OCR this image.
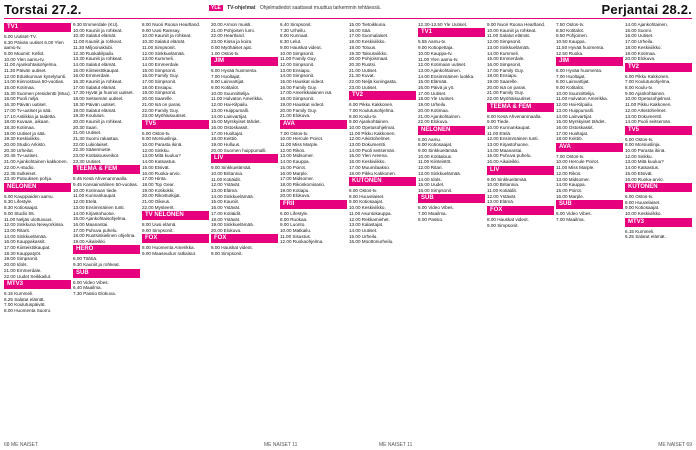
Torstai 27.2.	YLE TV-ohjelmat Ohjelmatiedot saattavat muuttua tarkemmin tehtäessä.	Perjantai 28.2.
TV1
5.00 Uutiset-TV.
6.30 Päivän uutiset 6.00 Ylen aamu-tv.
9.00 Muumit: Kellot.
10.00 Ylen aamu-tv.
11.00 Ajankohtaisohjelma.
11.30 Päivän uutiset.
12.00 Eduskunnan kyselytunti.
14.00 Kiinnostava 50-vuotias.
15.00 Kotimaa.
15.30 Suomen presidentti (Muu).
16.00 Puoli neljä.
16.30 Päivän uutiset.
17.00 Tv-uutiset ja sää.
17.10 Antiikkia ja taidetta.
18.00 Kuvaan, aikaan.
18.30 Kotimaa.
19.00 Uutiset ja sää.
19.30 Keskiviikko.
20.00 Studio Arkisto.
20.30 Urheilut.
20.45 Tv-uutiset.
21.00 Ajankohtainen kakkonen.
22.00 A-studio.
22.35 Sulkeiset.
23.40 Putouksen pohja.
NELONEN
6.00 Kauppiaiden aamu.
6.30 Lifestyle.
8.30 Kotiosaajat.
9.00 Studio 55.
11.00 Neljäs ulottuvuus.
12.00 Sinkkuna Newyorkissa.
13.00 Ritarit.
14.00 Sinkkuelämää.
16.00 Kauppakassit.
17.00 Kiinteistökaupat.
18.30 Kauppatyöt.
19.00 Simpsonit.
20.00 Idols.
21.00 Emmerdale.
22.00 Uudet Seikkailut.
MTV3
6.15 Kummeli.
6.25 Salatut elämät.
7.00 Koulutuspäivät.
8.00 Huomenta Suomi.
9.30 Emmerdale (KU).
10.00 Kauniit ja rohkeat.
10.30 Salatut elämät.
11.00 Kauniit ja rohkeat.
11.30 Miljoonaklubi.
12.30 Ruokakilpailu.
13.30 Kauniit ja rohkeat.
14.00 Salatut elämät.
15.00 Kiinteistökaupat.
16.00 Emmerdale.
16.30 Kauniit ja rohkeat.
17.00 Salatut elämät.
17.30 Hyvät ja huonot uutiset.
18.00 Seitsemän uutiset.
18.30 Päivän uutiset.
19.00 Salatut elämät.
19.30 Koulutus.
20.00 Kauniit ja rohkeat.
20.30 Saari.
21.00 Uutiset.
21.30 Suomi rakastaa.
22.00 Lukiolaiset.
22.30 Sääennuste.
23.00 Kotitalousveikot.
23.30 Uutiset.
TEEMA & FEM
8.45 Kesä Ahvenanmaalla.
9.45 Kansainvälinen 50-vuotias.
10.00 Kotimaan tiede.
11.00 Kunnankaupat.
12.00 Etelä.
13.00 Ensimmäinen tunti.
14.00 Kirjastohuone.
15.00 Ajankohtaisohjelma.
16.00 Maanantai.
17.00 Puhuva puhelu.
18.00 Ruotsinkielinen ohjelma.
19.00 Aikaleikki.
HERO
6.00 Tähtiä.
9.30 Kauniit ja rohkeat.
SUB
6.00 Video Vibes.
6.40 Maailma.
7.30 Passio Elokuva.
8.00 Nuori Roosa Heartland.
9.00 Uusi Ramsay.
10.00 Kauniit ja rohkeat.
10.30 Salatut elämät.
11.00 Simpsonit.
12.00 Sinkkuelämää.
13.00 Kummeli.
14.00 Emmerdale.
15.00 Simpsonit.
16.00 Family Guy.
17.00 Simpsonit.
18.00 Ensiapu.
19.00 Simpsonit.
20.00 Saarelle.
21.00 Isä on paras.
22.00 Family Guy.
23.00 Myöhäisuutiset.
TV5
6.00 Ostos-tv.
8.00 Morsiuslinja.
10.00 Parasta ikinä.
12.00 Sinkku.
13.00 Mitä kuuluu?
14.00 Katsastus.
15.00 Etsivät.
16.00 Ruoka-arvio.
17.00 Hinta.
18.00 Top Gear.
19.00 Kotikokki.
20.00 Rikostutkijat.
21.00 Oikeus.
22.00 Mysteerit.
TV NELONEN
8.00 Uusi elämä.
9.00 Simpsonit.
FOX
8.00 Huomenta Amerikka.
9.00 Maaseudun ratkaisut.
20.00 Armon muisti.
21.00 Pohjoisen lumi.
22.00 Heartland.
23.00 Kissa ja koira.
0.00 Myöhäiset ajat.
1.00 Ostos-tv.
JIM
6.00 Hyvää huomenta.
7.00 Huoltajat.
8.00 Lainvartijat.
9.00 Kotitalot.
10.00 Suunnittelija.
11.00 Hulvaton Amerikka.
12.00 Hai-Kilpailu.
13.00 Huippumalli.
14.00 Lainvartijat.
15.00 Myrskyiset tähdet.
16.00 Ostoskassit.
17.00 Huoltajat.
18.00 Keittiö.
19.00 Hulluus.
20.00 Suomen huippumalli.
LIV
9.00 Sinkkuelämää.
10.00 Britannia.
11.00 Kotiäidit.
12.00 Ystävät.
13.00 Elämä.
14.00 Sinkkuelämää.
15.00 Kauniit.
16.00 Ystävät.
17.00 Kotiäidit.
18.00 Ystävät.
19.00 Sinkkuelämää.
20.00 Elokuva.
FOX
8.00 Hauskat videot.
9.00 Simpsonit.
6.40 Simpsonit.
7.30 Urheilu.
8.00 Kunnaat.
8.30 Lelut.
9.00 Hauskat videot.
10.00 Simpsonit.
11.00 Family Guy.
12.00 Simpsonit.
13.00 Ensiapu.
14.00 Simpsonit.
15.00 Hauskat videot.
16.00 Family Guy.
17.00 Amerikkalainen isä.
18.00 Simpsonit.
19.00 Hauskat videot.
20.00 Family Guy.
21.00 Elokuva.
AVA
7.00 Ostos-tv.
10.00 Hercule Poirot.
11.00 Miss Marple.
12.00 Rikos.
13.00 Midsomer.
14.00 Kauppa.
15.00 Poirot.
16.00 Marple.
17.00 Midsomer.
18.00 Rikoskomisario.
19.00 Kotiapu.
20.00 Elokuva.
FRII
6.00 Lifestyle.
8.00 Ruokaa.
9.00 Luonto.
10.00 Matkailu.
11.00 Sisustus.
12.00 Ruokaohjelma.
15.00 Tietoikkuna.
16.00 Sää.
17.00 Suomalaiset.
18.00 Keskiviikko.
19.00 Totuus.
19.30 Talousviikko.
20.00 Pohjoismaat.
20.30 Ruotsi.
21.00 Uutiset.
21.30 Kuvat.
22.00 Neljä kuningasta.
23.00 Uutiset.
TV2
6.00 Pikku Kakkonen.
7.00 Koulutusohjelma.
8.00 Koulu-tv.
9.00 Ajankohtainen.
10.00 Opetusohjelmat.
11.00 Pikku Kakkonen.
12.00 Arkistohelmet.
13.00 Dokumentti.
14.00 Puoli seitsemän.
15.00 Ylen Areena.
16.00 Keskiviikko.
17.00 Muumilaakso.
18.00 Pikku Kakkonen.
KUTONEN
6.00 Ostos-tv.
8.00 Huuvelaiset.
9.00 Kotiosaajat.
10.00 Keskiviikko.
11.00 Asuntokauppa.
12.00 Rekkamiehet.
13.00 Kalastajat.
14.00 Uutiset.
15.00 Urheilu.
16.00 Moottoriurheilu.
12.30-12.50 Yle Uutiset.
TV1
5.55 Aamu-tv.
9.00 Kotiopettaja.
10.00 Kauppa-tv.
11.00 Ylen aamu-tv.
12.00 Kotimaan uutiset.
13.00 Ajankohtainen.
14.00 Ensimmäinen luokka.
15.00 Elämää.
16.00 Päivä ja yö.
17.00 Uutiset.
18.00 Yle Uutiset.
19.00 Urheilu.
20.00 Kotimaa.
21.00 Ajankohtainen.
22.00 Elokuva.
NELONEN
6.00 Aamu.
8.00 Kotiosaajat.
9.00 Sinkkuelämää.
10.00 Kotitalous.
11.00 Kiinteistöt.
12.00 Ritari.
13.00 Sinkkuelämää.
14.00 Idols.
15.00 Uudet.
16.00 Simpsonit.
SUB
6.00 Video Vibes.
7.00 Maailma.
8.00 Passio.
9.00 Nuori Roosa Heartland.
10.00 Kauniit ja rohkeat.
11.00 Salatut elämät.
12.00 Simpsonit.
13.00 Sinkkuelämää.
14.00 Kummeli.
15.00 Emmerdale.
16.00 Simpsonit.
17.00 Family Guy.
18.00 Ensiapu.
19.00 Saarelle.
20.00 Isä on paras.
21.00 Family Guy.
22.00 Myöhäisuutiset.
TEEMA & FEM
8.00 Kesä Ahvenanmaalla.
9.00 Tiede.
10.00 Kunnankaupat.
11.00 Etelä.
12.00 Ensimmäinen tunti.
13.00 Kirjastohuone.
14.00 Maanantai.
15.00 Puhuva puhelu.
16.00 Aikaleikki.
LIV
9.00 Sinkkuelämää.
10.00 Britannia.
11.00 Kotiäidit.
12.00 Ystävät.
13.00 Elämä.
FOX
8.00 Hauskat videot.
9.00 Simpsonit.
7.50 Ostos-tv.
8.50 Kotitalot.
9.50 Pohjoinen.
10.50 Kauppa.
11.50 Hyvää huomenta.
12.50 Ruoka.
JIM
6.00 Hyvää huomenta.
7.00 Huoltajat.
8.00 Lainvartijat.
9.00 Kotitalot.
10.00 Suunnittelija.
11.00 Hulvaton Amerikka.
12.00 Hai-Kilpailu.
13.00 Huippumalli.
14.00 Lainvartijat.
15.00 Myrskyiset tähdet.
16.00 Ostoskassit.
17.00 Huoltajat.
18.00 Keittiö.
AVA
7.00 Ostos-tv.
10.00 Hercule Poirot.
11.00 Miss Marple.
12.00 Rikos.
13.00 Midsomer.
14.00 Kauppa.
15.00 Poirot.
16.00 Marple.
SUB
6.00 Video Vibes.
7.00 Maailma.
14.00 Ajankohtainen.
15.00 Suomi.
16.00 Uutiset.
17.00 Urheilu.
18.00 Keskiviikko.
19.00 Kotimaa.
20.00 Elokuva.
TV2
6.00 Pikku Kakkonen.
7.00 Koulutusohjelma.
8.00 Koulu-tv.
9.00 Ajankohtainen.
10.00 Opetusohjelmat.
11.00 Pikku Kakkonen.
12.00 Arkistohelmet.
13.00 Dokumentti.
14.00 Puoli seitsemän.
TV5
6.00 Ostos-tv.
8.00 Morsiuslinja.
10.00 Parasta ikinä.
12.00 Sinkku.
13.00 Mitä kuuluu?
14.00 Katsastus.
15.00 Etsivät.
16.00 Ruoka-arvio.
KUTONEN
6.00 Ostos-tv.
8.00 Huuvelaiset.
9.00 Kotiosaajat.
10.00 Keskiviikko.
MTV3
6.15 Kummeli.
6.25 Salatut elämät.
68 ME NAISET	ME NAISET 11	ME NAISET 11	ME NAISET 69
